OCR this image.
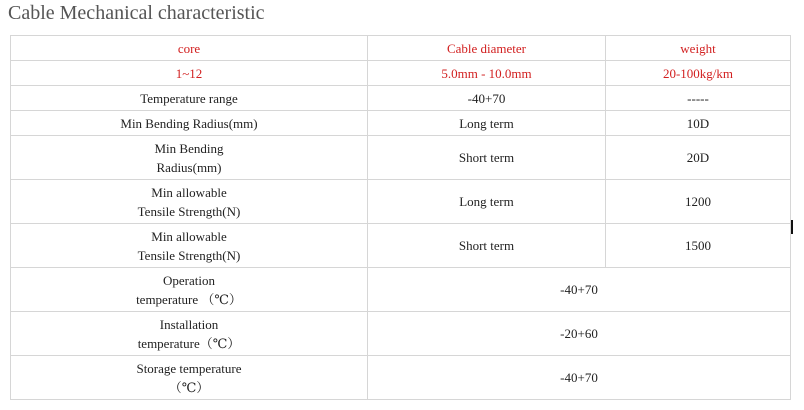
Cable Mechanical characteristic
core	Cable diameter	weight
1~12	5.0mm - 10.0mm	20-100kg/km
Temperature range	-40+70	-----
Min Bending Radius(mm)	Long term	10D
Min Bending
Radius(mm)	Short term	20D
Min allowable
Tensile Strength(N)	Long term	1200
Min allowable
Tensile Strength(N)	Short term	1500
Operation
temperature （℃）	-40+70	
Installation
temperature（℃）	-20+60	
Storage temperature
（℃）	-40+70	
